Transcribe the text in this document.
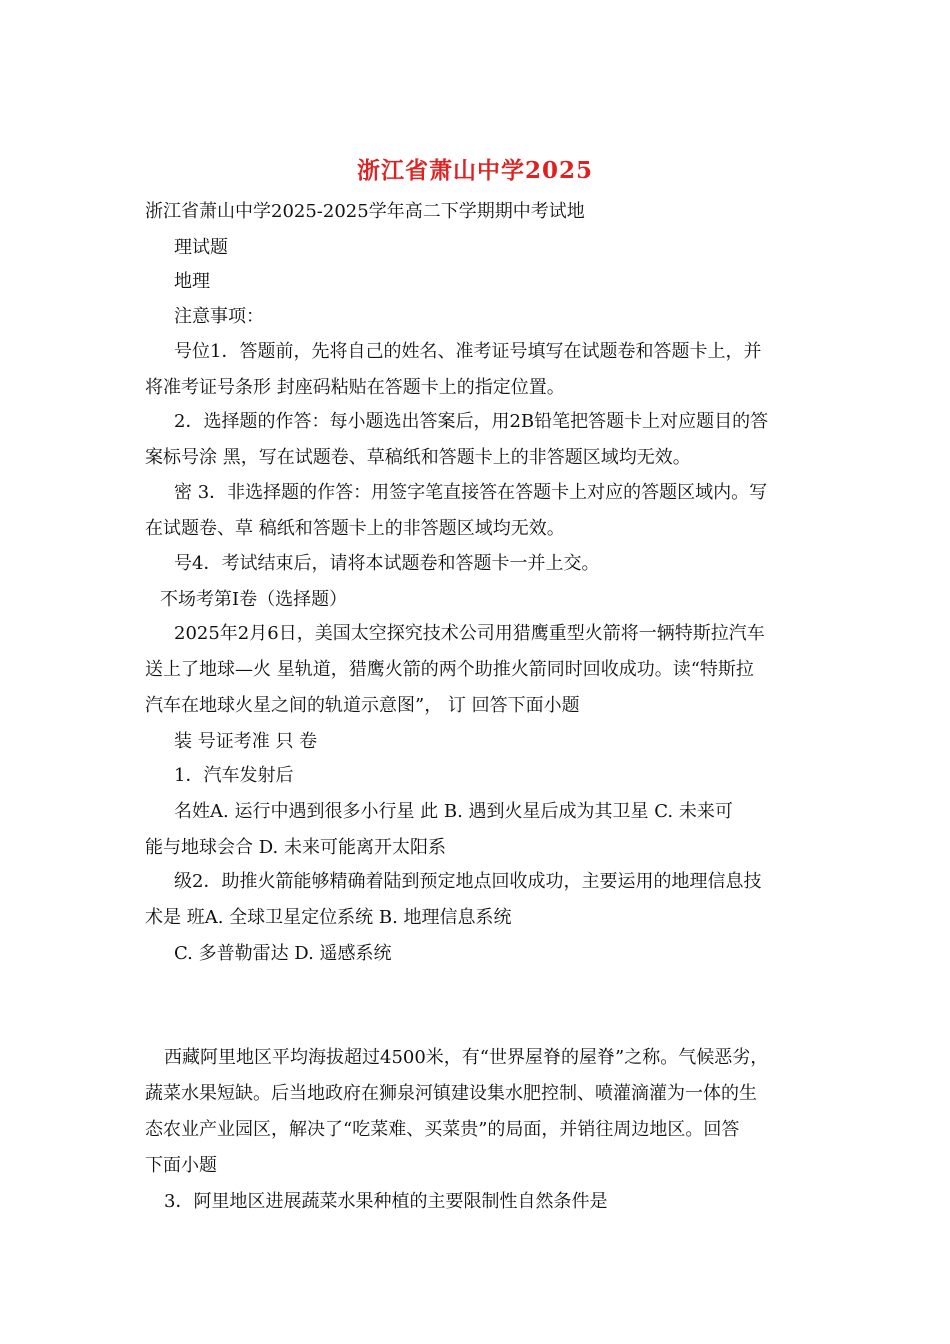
浙江省萧山中学2025
浙江省萧山中学2025-2025学年高二下学期期中考试地
理试题
地理
注意事项：
号位1．答题前，先将自己的姓名、准考证号填写在试题卷和答题卡上，并
将准考证号条形 封座码粘贴在答题卡上的指定位置。
2．选择题的作答：每小题选出答案后，用2B铅笔把答题卡上对应题目的答
案标号涂 黑，写在试题卷、草稿纸和答题卡上的非答题区域均无效。
密 3．非选择题的作答：用签字笔直接答在答题卡上对应的答题区域内。写
在试题卷、草 稿纸和答题卡上的非答题区域均无效。
号4．考试结束后，请将本试题卷和答题卡一并上交。
不场考第I卷（选择题）
2025年2月6日，美国太空探究技术公司用猎鹰重型火箭将一辆特斯拉汽车
送上了地球—火 星轨道，猎鹰火箭的两个助推火箭同时回收成功。读“特斯拉
汽车在地球火星之间的轨道示意图”， 订 回答下面小题
装 号证考准 只 卷
1．汽车发射后
名姓A. 运行中遇到很多小行星 此 B. 遇到火星后成为其卫星 C. 未来可
能与地球会合 D. 未来可能离开太阳系
级2．助推火箭能够精确着陆到预定地点回收成功，主要运用的地理信息技
术是 班A. 全球卫星定位系统 B. 地理信息系统
C. 多普勒雷达 D. 遥感系统
西藏阿里地区平均海拔超过4500米，有“世界屋脊的屋脊”之称。气候恶劣，
蔬菜水果短缺。后当地政府在狮泉河镇建设集水肥控制、喷灌滴灌为一体的生
态农业产业园区，解决了“吃菜难、买菜贵”的局面，并销往周边地区。回答
下面小题
3．阿里地区进展蔬菜水果种植的主要限制性自然条件是
